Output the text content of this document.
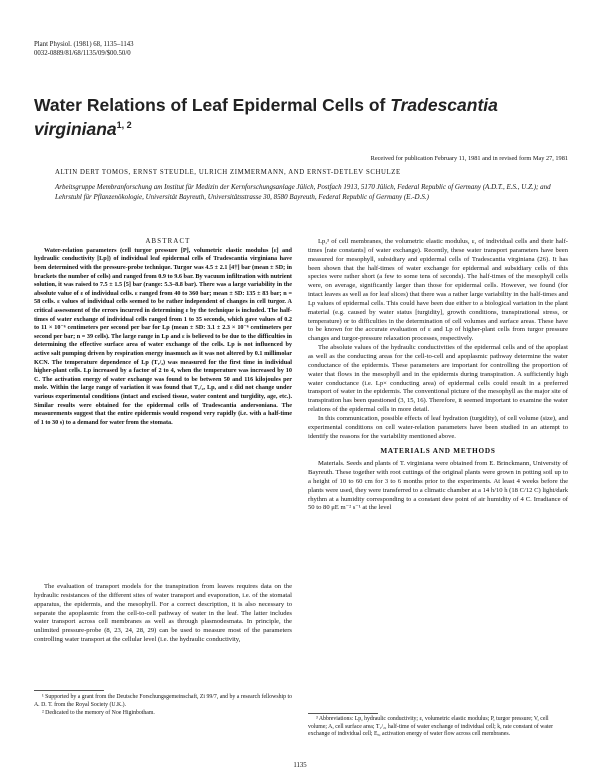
Plant Physiol. (1981) 68, 1135–1143
0032-0889/81/68/1135/09/$00.50/0
Water Relations of Leaf Epidermal Cells of Tradescantia
virginiana$^{1, 2}$
Received for publication February 11, 1981 and in revised form May 27, 1981
ALTIN DERT TOMOS, ERNST STEUDLE, ULRICH ZIMMERMANN, AND ERNST-DETLEV SCHULZE
Arbeitsgruppe Membranforschung am Institut für Medizin der Kernforschungsanlage Jülich, Postfach 1913, 5170 Jülich, Federal Republic of Germany (A.D.T., E.S., U.Z.); and Lehrstuhl für Pflanzenökologie, Universität Bayreuth, Universitätsstrasse 30, 8580 Bayreuth, Federal Republic of Germany (E.-D.S.)

ABSTRACT

Water-relation parameters (cell turgor pressure [P], volumetric elastic modulus [ε] and hydraulic conductivity [Lp]) of individual leaf epidermal cells of Tradescantia virginiana have been determined with the pressure-probe technique. Turgor was 4.5 ± 2.1 [4†] bar (mean ± SD; in brackets the number of cells) and ranged from 0.9 to 9.6 bar. By vacuum infiltration with nutrient solution, it was raised to 7.5 ± 1.5 [5] bar (range: 5.3–8.8 bar). There was a large variability in the absolute value of ε of individual cells. ε ranged from 40 to 360 bar; mean ± SD: 135 ± 83 bar; n = 58 cells. ε values of individual cells seemed to be rather independent of changes in cell turgor. A critical assessment of the errors incurred in determining ε by the technique is included. The half-times of water exchange of individual cells ranged from 1 to 35 seconds, which gave values of 0.2 to 11 × 10⁻⁶ centimeters per second per bar for Lp (mean ± SD: 3.1 ± 2.3 × 10⁻⁶ centimeters per second per bar; n = 39 cells). The large range in Lp and ε is believed to be due to the difficulties in determining the effective surface area of water exchange of the cells. Lp is not influenced by active salt pumping driven by respiration energy inasmuch as it was not altered by 0.1 millimolar KCN. The temperature dependence of Lp (T₁/₂) was measured for the first time in individual higher-plant cells. Lp increased by a factor of 2 to 4, when the temperature was increased by 10 C. The activation energy of water exchange was found to be between 50 and 116 kilojoules per mole. Within the large range of variation it was found that T₁/₂, Lp, and ε did not change under various experimental conditions (intact and excised tissue, water content and turgidity, age, etc.). Similar results were obtained for the epidermal cells of Tradescantia andersoniana. The measurements suggest that the entire epidermis would respond very rapidly (i.e. with a half-time of 1 to 30 s) to a demand for water from the stomata.

The evaluation of transport models for the transpiration from leaves requires data on the hydraulic resistances of the different sites of water transport and evaporation, i.e. of the stomatal apparatus, the epidermis, and the mesophyll. For a correct description, it is also necessary to separate the apoplasmic from the cell-to-cell pathway of water in the leaf. The latter includes water transport across cell membranes as well as through plasmodesmata. In principle, the unlimited pressure-probe (8, 23, 24, 28, 29) can be used to measure most of the parameters controlling water transport at the cellular level (i.e. the hydraulic conductivity,

¹ Supported by a grant from the Deutsche Forschungsgemeinschaft, Zi 99/7, and by a research fellowship to A. D. T. from the Royal Society (U.K.).

² Dedicated to the memory of Noe Higinbotham.

Lp,³ of cell membranes, the volumetric elastic modulus, ε, of individual cells and their half-times [rate constants] of water exchange). Recently, these water transport parameters have been measured for mesophyll, subsidiary and epidermal cells of Tradescantia virginiana (26). It has been shown that the half-times of water exchange for epidermal and subsidiary cells of this species were rather short (a few to some tens of seconds). The half-times of the mesophyll cells were, on average, significantly larger than those for epidermal cells. However, we found (for intact leaves as well as for leaf slices) that there was a rather large variability in the half-times and Lp values of epidermal cells. This could have been due either to a biological variation in the plant material (e.g. caused by water status [turgidity], growth conditions, transpirational stress, or temperature) or to difficulties in the determination of cell volumes and surface areas. These have to be known for the accurate evaluation of ε and Lp of higher-plant cells from turgor pressure changes and turgor-pressure relaxation processes, respectively.

The absolute values of the hydraulic conductivities of the epidermal cells and of the apoplast as well as the conducting areas for the cell-to-cell and apoplasmic pathway determine the water conductance of the epidermis. These parameters are important for controlling the proportion of water that flows in the mesophyll and in the epidermis during transpiration. A sufficiently high water conductance (i.e. Lp× conducting area) of epidermal cells could result in a preferred transport of water in the epidermis. The conventional picture of the mesophyll as the major site of transpiration has been questioned (3, 15, 16). Therefore, it seemed important to examine the water relations of the epidermal cells in more detail.

In this communication, possible effects of leaf hydration (turgidity), of cell volume (size), and experimental conditions on cell water-relation parameters have been studied in an attempt to identify the reasons for the variability mentioned above.

MATERIALS AND METHODS

Materials. Seeds and plants of T. virginiana were obtained from E. Brinckmann, University of Bayreuth. These together with root cuttings of the original plants were grown in potting soil up to a height of 10 to 60 cm for 3 to 6 months prior to the experiments. At least 4 weeks before the plants were used, they were transferred to a climatic chamber at a 14 h/10 h (18 C/12 C) light/dark rhythm at a humidity corresponding to a constant dew point of air humidity of 4 C. Irradiance of 50 to 80 μE m⁻² s⁻¹ at the level

³ Abbreviations: Lp, hydraulic conductivity; ε, volumetric elastic modulus; P, turgor pressure; V, cell volume; A, cell surface area; T₁/₂, half-time of water exchange of individual cell; k, rate constant of water exchange of individual cell; Eₐ, activation energy of water flow across cell membranes.

1135
